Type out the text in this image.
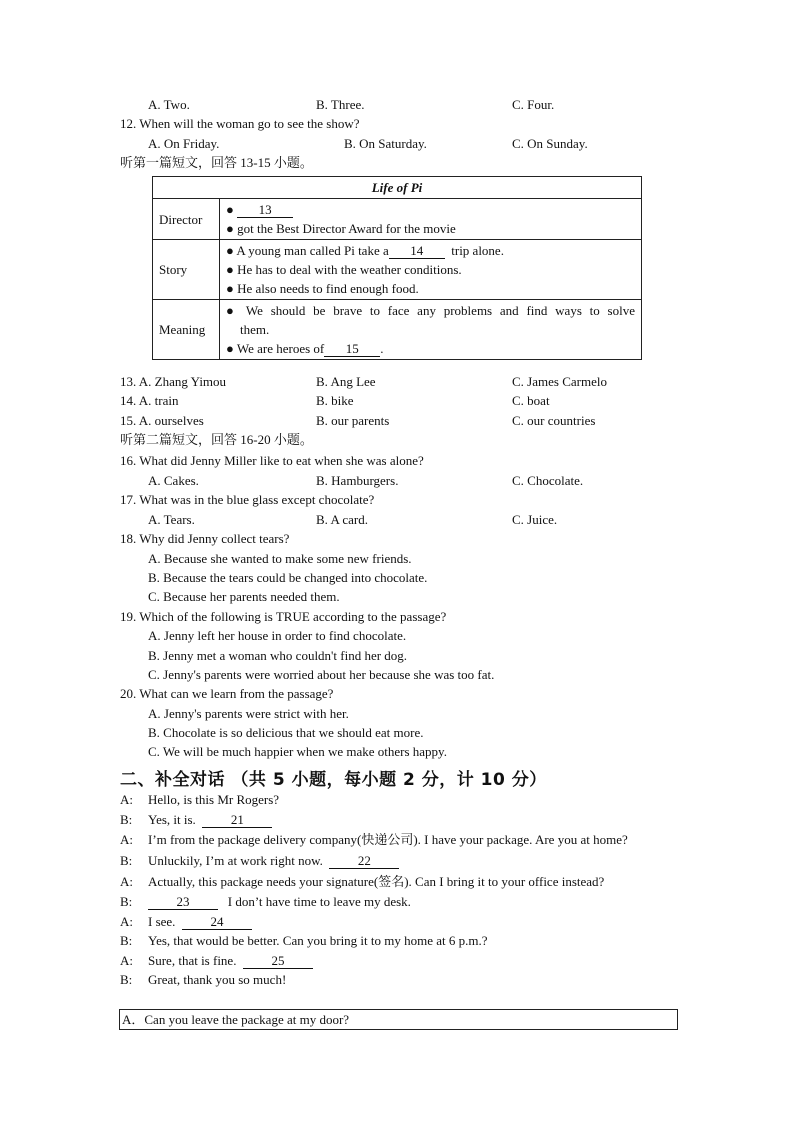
A. Two.	B. Three.	C. Four.
12. When will the woman go to see the show?
A. On Friday.	B. On Saturday.	C. On Sunday.
听第一篇短文，回答 13-15 小题。
Life of Pi	
Director	● 13
● got the Best Director Award for the movie

Story	● A young man called Pi take a 14 trip alone.
● He has to deal with the weather conditions.
● He also needs to find enough food.

Meaning	● We should be brave to face any problems and find ways to solve
them.
● We are heroes of 15 .
13. A. Zhang Yimou	B. Ang Lee	C. James Carmelo
14. A. train	B. bike	C. boat
15. A. ourselves	B. our parents	C. our countries
听第二篇短文，回答 16-20 小题。
16. What did Jenny Miller like to eat when she was alone?
A. Cakes.	B. Hamburgers.	C. Chocolate.
17. What was in the blue glass except chocolate?
A. Tears.	B. A card.	C. Juice.
18. Why did Jenny collect tears?
A. Because she wanted to make some new friends.
B. Because the tears could be changed into chocolate.
C. Because her parents needed them.
19. Which of the following is TRUE according to the passage?
A. Jenny left her house in order to find chocolate.
B. Jenny met a woman who couldn't find her dog.
C. Jenny's parents were worried about her because she was too fat.
20. What can we learn from the passage?
A. Jenny's parents were strict with her.
B. Chocolate is so delicious that we should eat more.
C. We will be much happier when we make others happy.
二、补全对话 （共 5 小题，每小题 2 分，计 10 分）
A: Hello, is this Mr Rogers?
B: Yes, it is.	21
A: I’m from the package delivery company(快递公司). I have your package. Are you at home?
B: Unluckily, I’m at work right now.	22
A: Actually, this package needs your signature(签名). Can I bring it to your office instead?
B:	23	I don’t have time to leave my desk.
A: I see.	24
B: Yes, that would be better. Can you bring it to my home at 6 p.m.?
A: Sure, that is fine.	25
B: Great, thank you so much!
A．Can you leave the package at my door?
